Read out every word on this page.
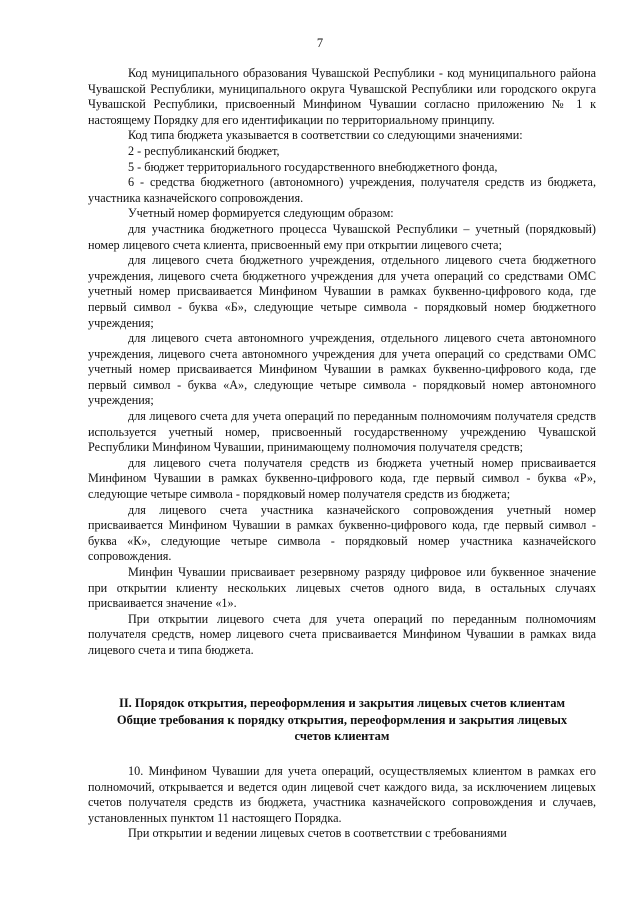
7

Код муниципального образования Чувашской Республики - код муниципального района Чувашской Республики, муниципального округа Чувашской Республики или городского округа Чувашской Республики, присвоенный Минфином Чувашии согласно приложению № 1 к настоящему Порядку для его идентификации по территориальному принципу.

Код типа бюджета указывается в соответствии со следующими значениями:

2 - республиканский бюджет,

5 - бюджет территориального государственного внебюджетного фонда,

6 - средства бюджетного (автономного) учреждения, получателя средств из бюджета, участника казначейского сопровождения.

Учетный номер формируется следующим образом:

для участника бюджетного процесса Чувашской Республики – учетный (порядковый) номер лицевого счета клиента, присвоенный ему при открытии лицевого счета;

для лицевого счета бюджетного учреждения, отдельного лицевого счета бюджетного учреждения, лицевого счета бюджетного учреждения для учета операций со средствами ОМС учетный номер присваивается Минфином Чувашии в рамках буквенно-цифрового кода, где первый символ - буква «Б», следующие четыре символа - порядковый номер бюджетного учреждения;

для лицевого счета автономного учреждения, отдельного лицевого счета автономного учреждения, лицевого счета автономного учреждения для учета операций со средствами ОМС учетный номер присваивается Минфином Чувашии в рамках буквенно-цифрового кода, где первый символ - буква «А», следующие четыре символа - порядковый номер автономного учреждения;

для лицевого счета для учета операций по переданным полномочиям получателя средств используется учетный номер, присвоенный государственному учреждению Чувашской Республики Минфином Чувашии, принимающему полномочия получателя средств;

для лицевого счета получателя средств из бюджета учетный номер присваивается Минфином Чувашии в рамках буквенно-цифрового кода, где первый символ - буква «Р», следующие четыре символа - порядковый номер получателя средств из бюджета;

для лицевого счета участника казначейского сопровождения учетный номер присваивается Минфином Чувашии в рамках буквенно-цифрового кода, где первый символ - буква «К», следующие четыре символа - порядковый номер участника казначейского сопровождения.

Минфин Чувашии присваивает резервному разряду цифровое или буквенное значение при открытии клиенту нескольких лицевых счетов одного вида, в остальных случаях присваивается значение «1».

При открытии лицевого счета для учета операций по переданным полномочиям получателя средств, номер лицевого счета присваивается Минфином Чувашии в рамках вида лицевого счета и типа бюджета.

II. Порядок открытия, переоформления и закрытия лицевых счетов клиентам
Общие требования к порядку открытия, переоформления и закрытия лицевых
счетов клиентам

10. Минфином Чувашии для учета операций, осуществляемых клиентом в рамках его полномочий, открывается и ведется один лицевой счет каждого вида, за исключением лицевых счетов получателя средств из бюджета, участника казначейского сопровождения и случаев, установленных пунктом 11 настоящего Порядка.

При открытии и ведении лицевых счетов в соответствии с требованиями
